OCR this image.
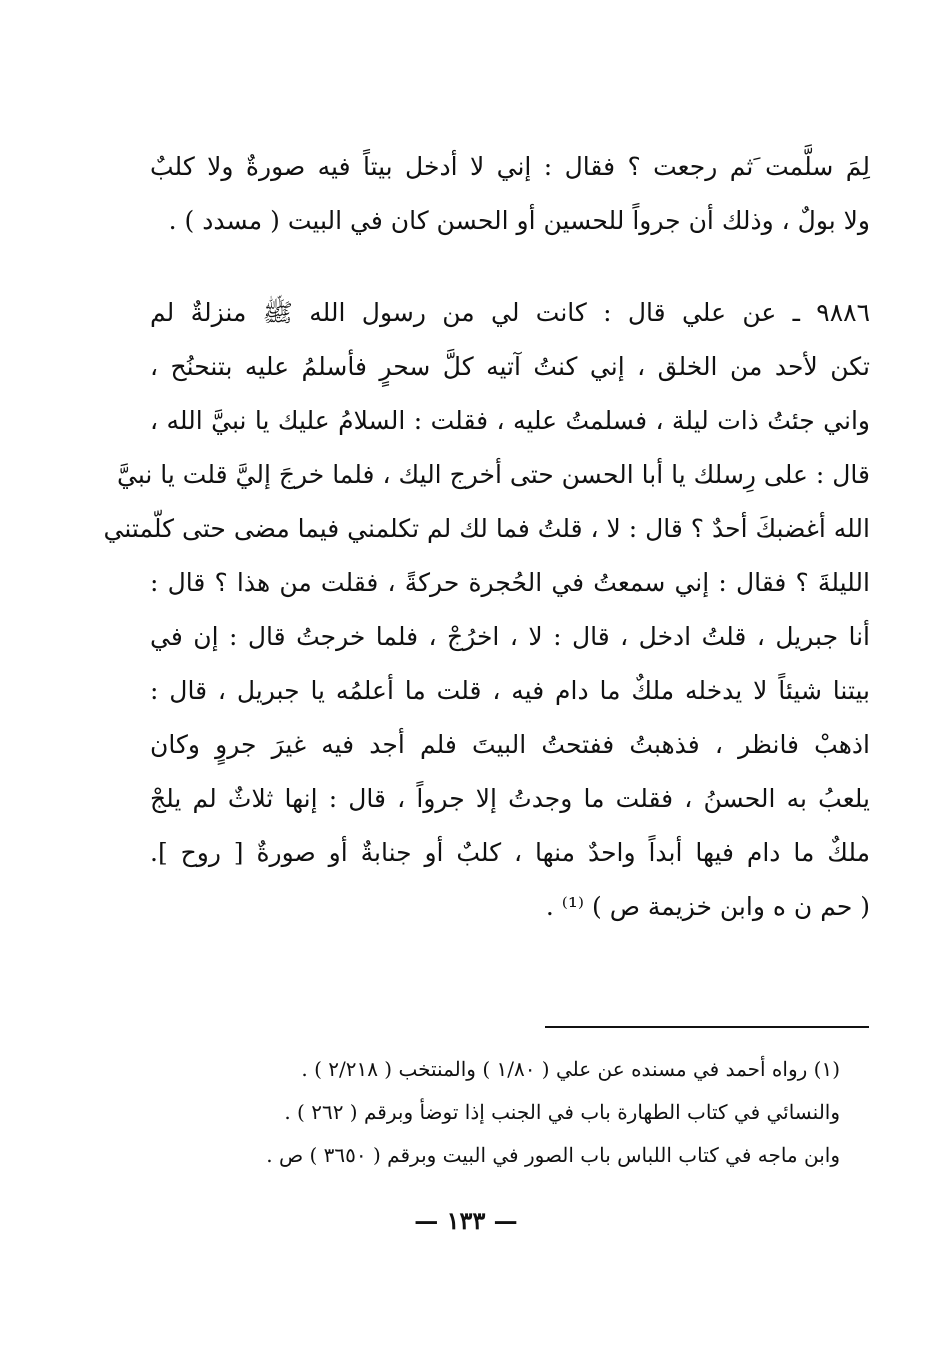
لِمَ سلَّمت َثم رجعت ؟ فقال : إني لا أدخل بيتاً فيه صورةٌ ولا كلبٌ
ولا بولٌ ، وذلك أن جرواً للحسين أو الحسن كان في البيت ( مسدد ) .
٩٨٨٦ ـ عن علي قال : كانت لي من رسول الله ﷺ منزلةٌ لم
تكن لأحد من الخلق ، إني كنتُ آتيه كلَّ سحرٍ فأسلمُ عليه بتنحنُح ،
واني جئتُ ذات ليلة ، فسلمتُ عليه ، فقلت : السلامُ عليك يا نبيَّ الله ،
قال : على رِسلك يا أبا الحسن حتى أخرج اليك ، فلما خرجَ إليَّ قلت يا نبيَّ
الله أغضبكَ أحدٌ ؟ قال : لا ، قلتُ فما لك لم تكلمني فيما مضى حتى كلّمتني
الليلةَ ؟ فقال : إني سمعتُ في الحُجرة حركةً ، فقلت من هذا ؟ قال :
أنا جبريل ، قلتُ ادخل ، قال : لا ، اخرُجْ ، فلما خرجتُ قال : إن في
بيتنا شيئاً لا يدخله ملكٌ ما دام فيه ، قلت ما أعلمُه يا جبريل ، قال :
اذهبْ فانظر ، فذهبتُ ففتحتُ البيتَ فلم أجد فيه غيرَ جروٍ وكان
يلعبُ به الحسنُ ، فقلت ما وجدتُ إلا جرواً ، قال : إنها ثلاثٌ لم يلجْ
ملكٌ ما دام فيها أبداً واحدٌ منها ، كلبٌ أو جنابةٌ أو صورةٌ [ روح ].
( حم ن ه وابن خزيمة ص ) ⁽¹⁾ .
(١) رواه أحمد في مسنده عن علي ( ١/٨٠ ) والمنتخب ( ٢/٢١٨ ) .
والنسائي في كتاب الطهارة باب في الجنب إذا توضأ وبرقم ( ٢٦٢ ) .
وابن ماجه في كتاب اللباس باب الصور في البيت وبرقم ( ٣٦٥٠ ) ص .
— ١٣٣ —
